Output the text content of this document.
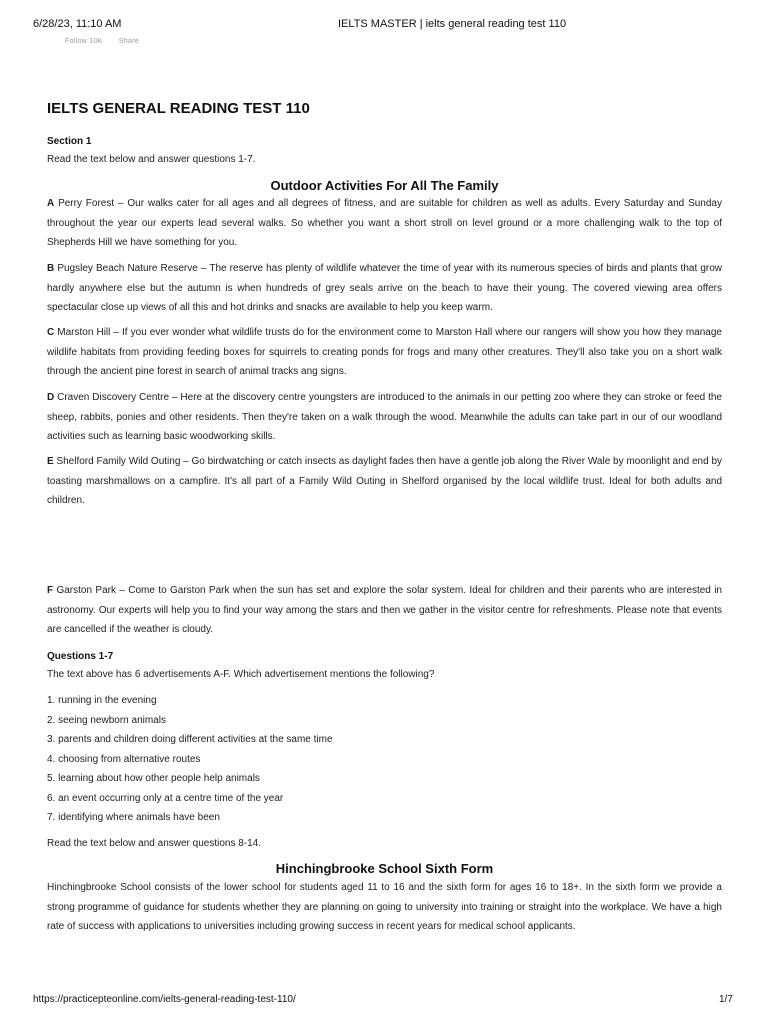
6/28/23, 11:10 AM	IELTS MASTER | ielts general reading test 110
Follow 10K Share
IELTS GENERAL READING TEST 110
Section 1
Read the text below and answer questions 1-7.
Outdoor Activities For All The Family

A Perry Forest – Our walks cater for all ages and all degrees of fitness, and are suitable for children as well as adults. Every Saturday and Sunday throughout the year our experts lead several walks. So whether you want a short stroll on level ground or a more challenging walk to the top of Shepherds Hill we have something for you.

B Pugsley Beach Nature Reserve – The reserve has plenty of wildlife whatever the time of year with its numerous species of birds and plants that grow hardly anywhere else but the autumn is when hundreds of grey seals arrive on the beach to have their young. The covered viewing area offers spectacular close up views of all this and hot drinks and snacks are available to help you keep warm.

C Marston Hill – If you ever wonder what wildlife trusts do for the environment come to Marston Hall where our rangers will show you how they manage wildlife habitats from providing feeding boxes for squirrels to creating ponds for frogs and many other creatures. They'll also take you on a short walk through the ancient pine forest in search of animal tracks ang signs.

D Craven Discovery Centre – Here at the discovery centre youngsters are introduced to the animals in our petting zoo where they can stroke or feed the sheep, rabbits, ponies and other residents. Then they're taken on a walk through the wood. Meanwhile the adults can take part in our of our woodland activities such as learning basic woodworking skills.

E Shelford Family Wild Outing – Go birdwatching or catch insects as daylight fades then have a gentle job along the River Wale by moonlight and end by toasting marshmallows on a campfire. It's all part of a Family Wild Outing in Shelford organised by the local wildlife trust. Ideal for both adults and children.

F Garston Park – Come to Garston Park when the sun has set and explore the solar system. Ideal for children and their parents who are interested in astronomy. Our experts will help you to find your way among the stars and then we gather in the visitor centre for refreshments. Please note that events are cancelled if the weather is cloudy.

Questions 1-7
The text above has 6 advertisements A-F. Which advertisement mentions the following?
1. running in the evening
2. seeing newborn animals
3. parents and children doing different activities at the same time
4. choosing from alternative routes
5. learning about how other people help animals
6. an event occurring only at a centre time of the year
7. identifying where animals have been
Read the text below and answer questions 8-14.
Hinchingbrooke School Sixth Form

Hinchingbrooke School consists of the lower school for students aged 11 to 16 and the sixth form for ages 16 to 18+. In the sixth form we provide a strong programme of guidance for students whether they are planning on going to university into training or straight into the workplace. We have a high rate of success with applications to universities including growing success in recent years for medical school applicants.

https://practicepteonline.com/ielts-general-reading-test-110/	1/7
